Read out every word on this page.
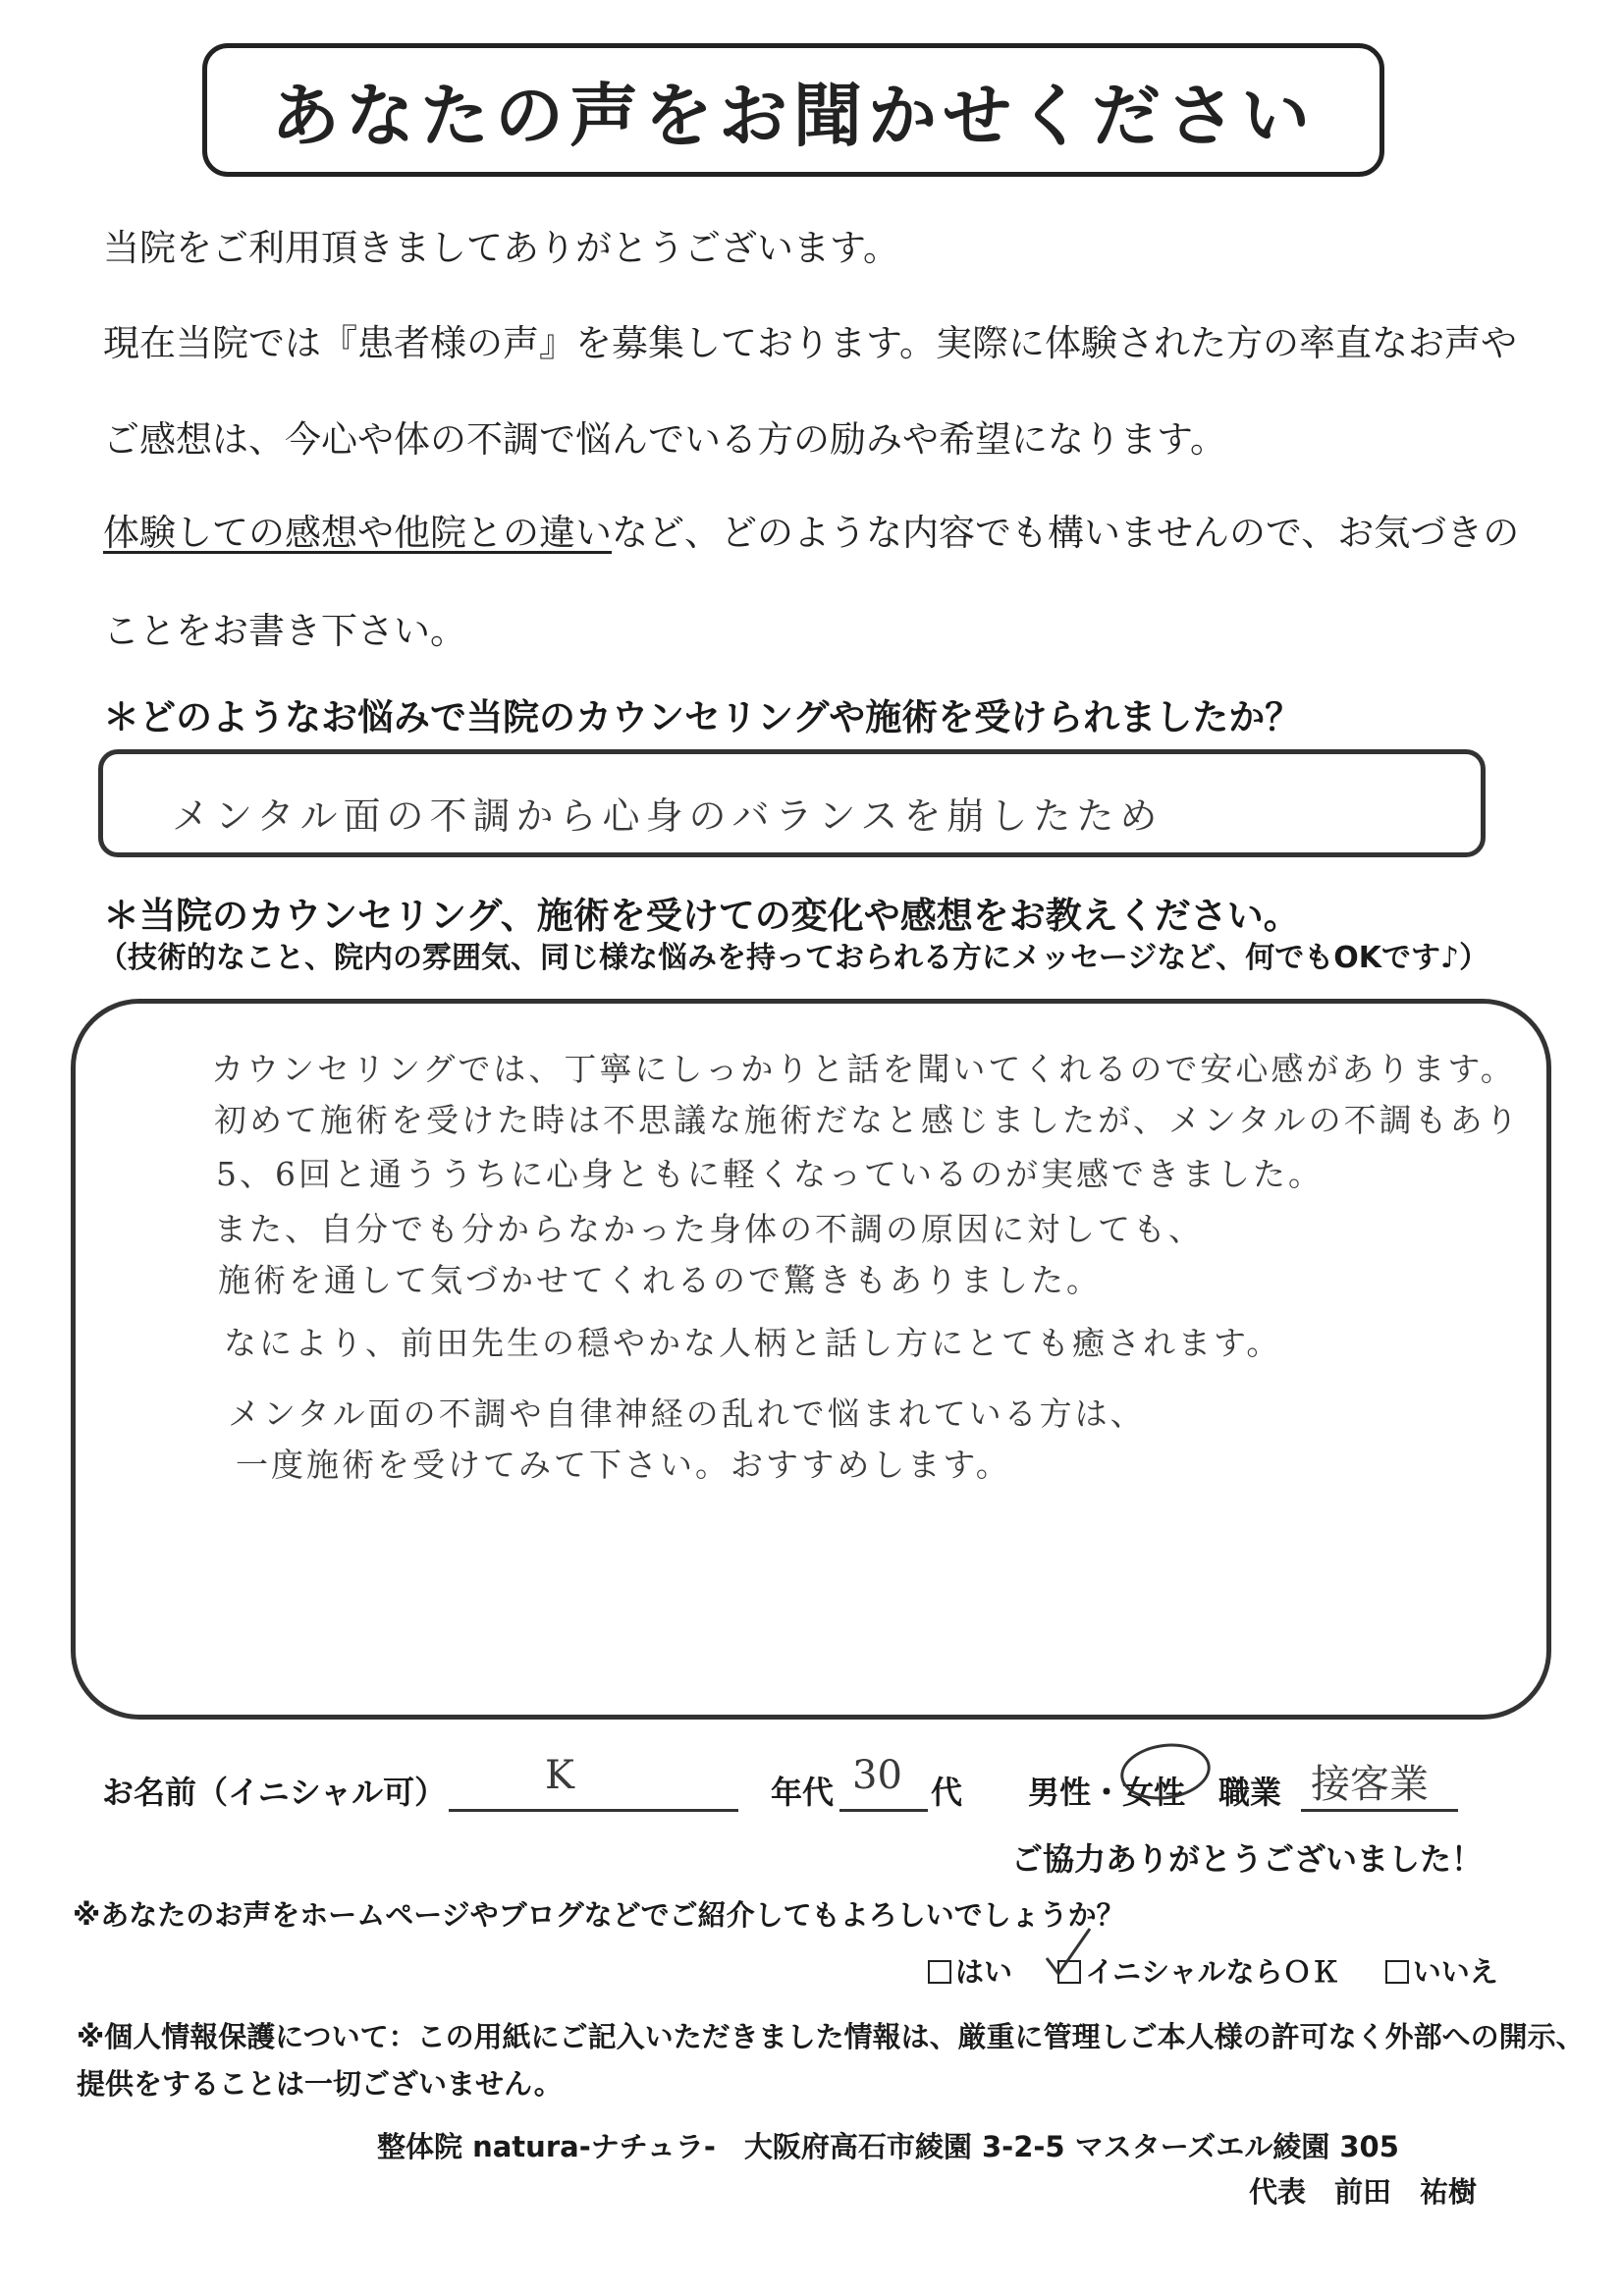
あなたの声をお聞かせください
当院をご利用頂きましてありがとうございます。
現在当院では『患者様の声』を募集しております。実際に体験された方の率直なお声や
ご感想は、今心や体の不調で悩んでいる方の励みや希望になります。
体験しての感想や他院との違いなど、どのような内容でも構いませんので、お気づきの
ことをお書き下さい。
＊どのようなお悩みで当院のカウンセリングや施術を受けられましたか？
メンタル面の不調から心身のバランスを崩したため
＊当院のカウンセリング、施術を受けての変化や感想をお教えください。
（技術的なこと、院内の雰囲気、同じ様な悩みを持っておられる方にメッセージなど、何でもOKです♪）
カウンセリングでは、丁寧にしっかりと話を聞いてくれるので安心感があります。
初めて施術を受けた時は不思議な施術だなと感じましたが、メンタルの不調もあり
5、6回と通ううちに心身ともに軽くなっているのが実感できました。
また、自分でも分からなかった身体の不調の原因に対しても、
施術を通して気づかせてくれるので驚きもありました。
なにより、前田先生の穏やかな人柄と話し方にとても癒されます。
メンタル面の不調や自律神経の乱れで悩まれている方は、
一度施術を受けてみて下さい。おすすめします。
お名前（イニシャル可）	K	年代 30 代 男性・女性 職業 接客業
ご協力ありがとうございました！
※あなたのお声をホームページやブログなどでご紹介してもよろしいでしょうか？
はい	イニシャルならＯＫ	いいえ
※個人情報保護について：この用紙にご記入いただきました情報は、厳重に管理しご本人様の許可なく外部への開示、
提供をすることは一切ございません。
整体院 natura-ナチュラ-　大阪府高石市綾園 3-2-5 マスターズエル綾園 305
代表　前田　祐樹
